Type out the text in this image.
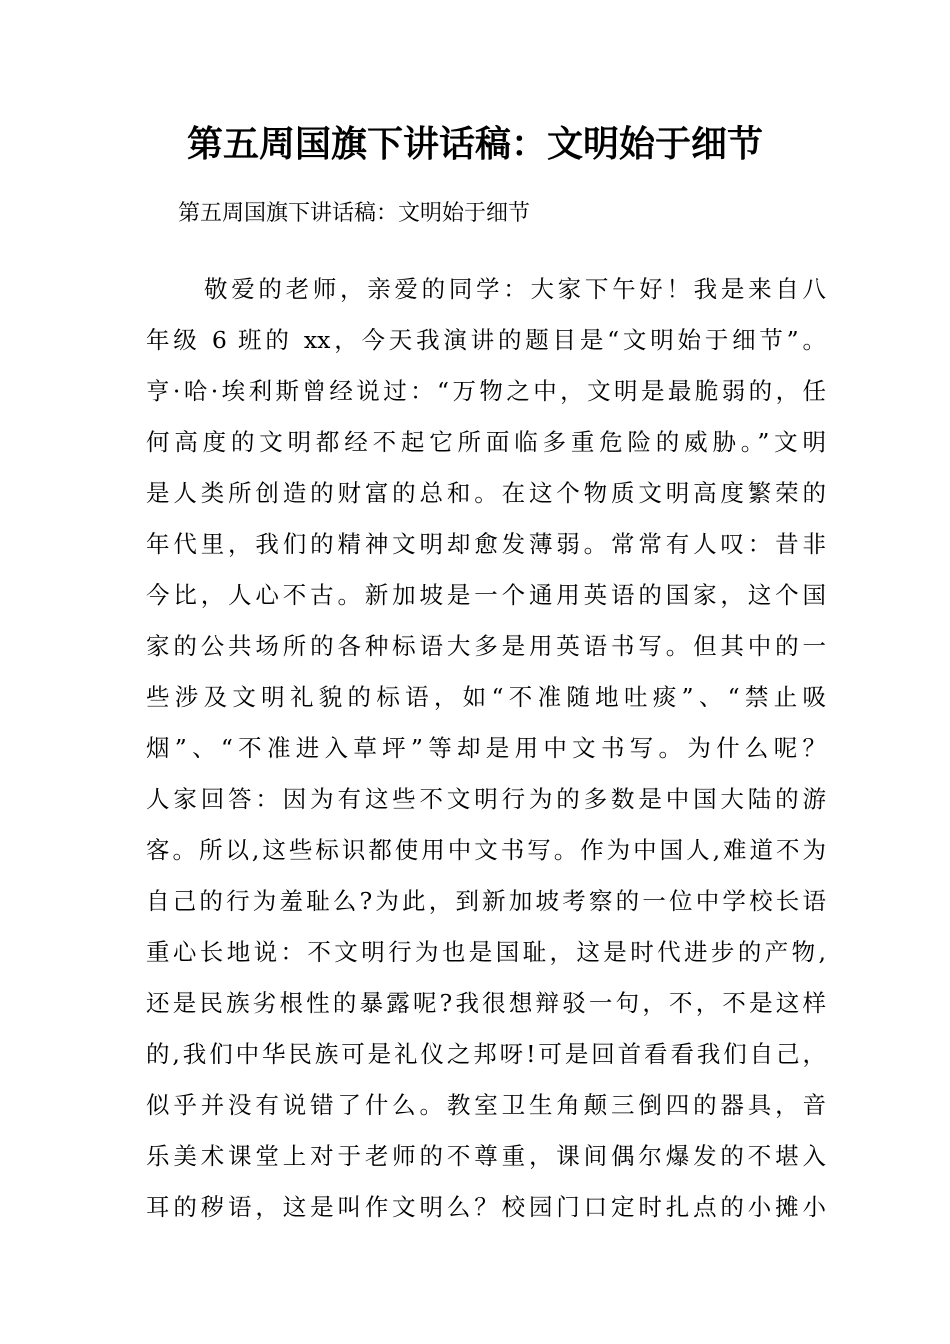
第五周国旗下讲话稿：文明始于细节
第五周国旗下讲话稿：文明始于细节
敬爱的老师，亲爱的同学：大家下午好！我是来自八
年级 6 班的 xx，今天我演讲的题目是“文明始于细节”。
亨·哈·埃利斯曾经说过：“万物之中，文明是最脆弱的，任
何高度的文明都经不起它所面临多重危险的威胁。”文明
是人类所创造的财富的总和。在这个物质文明高度繁荣的
年代里，我们的精神文明却愈发薄弱。常常有人叹：昔非
今比，人心不古。新加坡是一个通用英语的国家，这个国
家的公共场所的各种标语大多是用英语书写。但其中的一
些涉及文明礼貌的标语，如“不准随地吐痰”、“禁止吸
烟”、“不准进入草坪”等却是用中文书写。为什么呢？
人家回答：因为有这些不文明行为的多数是中国大陆的游
客。所以,这些标识都使用中文书写。作为中国人,难道不为
自己的行为羞耻么?为此，到新加坡考察的一位中学校长语
重心长地说：不文明行为也是国耻，这是时代进步的产物,
还是民族劣根性的暴露呢?我很想辩驳一句，不，不是这样
的,我们中华民族可是礼仪之邦呀!可是回首看看我们自己，
似乎并没有说错了什么。教室卫生角颠三倒四的器具，音
乐美术课堂上对于老师的不尊重，课间偶尔爆发的不堪入
耳的秽语，这是叫作文明么？校园门口定时扎点的小摊小
